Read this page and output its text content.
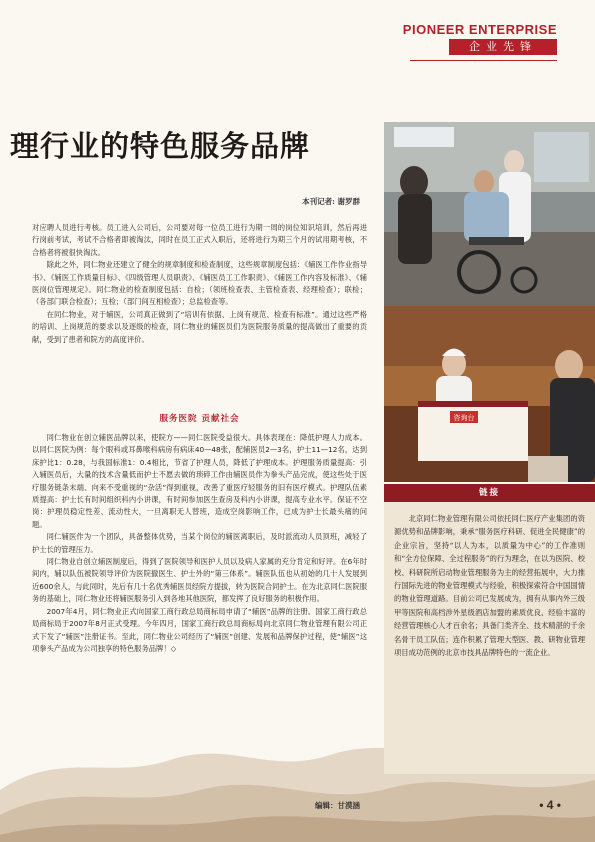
PIONEER ENTERPRISE
企业先锋
理行业的特色服务品牌
本刊记者: 谢罗群

对应聘人员进行考核。员工进入公司后，公司要对每一位员工进行为期一周的岗位知识培训，然后再进行岗前考试，考试不合格者即被淘汰，同时在员工正式入职后，还将进行为期三个月的试用期考核，不合格者将被很快淘汰。

除此之外，同仁物业还建立了健全的规章制度和检查制度，这些规章制度包括：《辅医工作作业指导书》、《辅医工作质量目标》、《四级管理人员职责》、《辅医员工工作职责》、《辅医工作内容及标准》、《辅医岗位管理规定》。同仁物业的检查制度包括：自检；（领班检查表、主管检查表、经理检查）；联检；（各部门联合检查）；互检；（部门间互相检查）；总监检查等。

在同仁物业，对于辅医，公司真正做到了“培训有依据、上岗有规范、检查有标准”。通过这些严格的培训、上岗规范的要求以及逐级的检查，同仁物业的辅医员们为医院服务质量的提高做出了重要的贡献，受到了患者和院方的高度评价。

服务医院 贡献社会

同仁物业在创立辅医品牌以来，使院方——同仁医院受益很大。具体表现在：降低护理人力成本。以同仁医院为例：每个眼科或耳鼻喉科病房有病床40—48张，配辅医员2—3名，护士11—12名，达到床护比1：0.28，与我国标准1：0.4相比，节省了护理人员，降低了护理成本。护理服务质量提高：引入辅医员后，大量的技术含量低而护士不愿去做的琐碎工作由辅医员作为拳头产品完成，使这些处于医疗服务链条末端、向来不受重视的“杂活”得到重视，改善了重医疗轻服务的旧有医疗模式。护理队伍素质提高：护士长有时间组织科内小讲课，有时间参加医生查房及科内小讲课，提高专业水平。保证不空岗：护理员稳定性差、流动性大，一旦离职无人替班，造成空岗影响工作，已成为护士长最头痛的问题。

同仁辅医作为一个团队，具备整体优势，当某个岗位的辅医离职后，及时派流动人员顶班，减轻了护士长的管理压力。

同仁物业自创立辅医制度后，得到了医院领导和医护人员以及病人家属的充分肯定和好评。在6年时间内，辅以队伍被院领导评价为医院撤医生、护士外的“第三体系”。辅医队伍也从初始的几十人发展到近600余人，与此同时，先后有几十名优秀辅医员经院方提拔，转为医院合同护士。在为北京同仁医院服务的基础上，同仁物业还将辅医服务引入到各地其他医院，都发挥了良好服务的积极作用。

2007年4月，同仁物业正式向国家工商行政总局商标局申请了“辅医”品牌的注册。国家工商行政总局商标局于2007年8月正式受理。今年四月，国家工商行政总局商标局向北京同仁物业管理有限公司正式下发了“辅医”注册证书。至此，同仁物业公司经历了“辅医”创建、发展和品牌保护过程，使“辅医”这项拳头产品成为公司独享的特色服务品牌！◇

编辑：甘漠涵
咨询台
链接
北京同仁物业管理有限公司依托同仁医疗产业集团的资源优势和品牌影响，秉承“服务医疗科研、促进全民健康”的企业宗旨，坚持“以人为本，以质量为中心”的工作准则和“全方位保障、全过程服务”的行为理念，在以为医院、校校、科研院所启动物业管理服务为主的经营拓展中，大力推行国际先进的物业管理模式与经验，积极探索符合中国国情的物业管理道路。目前公司已发展成为，拥有从事内外三级甲等医院和高档涉外星级酒店加盟的素质优良、经验丰富的经营管理核心人才百余名；具备门类齐全、技术精湛的千余名骨干员工队伍；连作积累了管理大型医、教、研物业管理项目成功范例的北京市技具品牌特色的一流企业。
• 4 •
